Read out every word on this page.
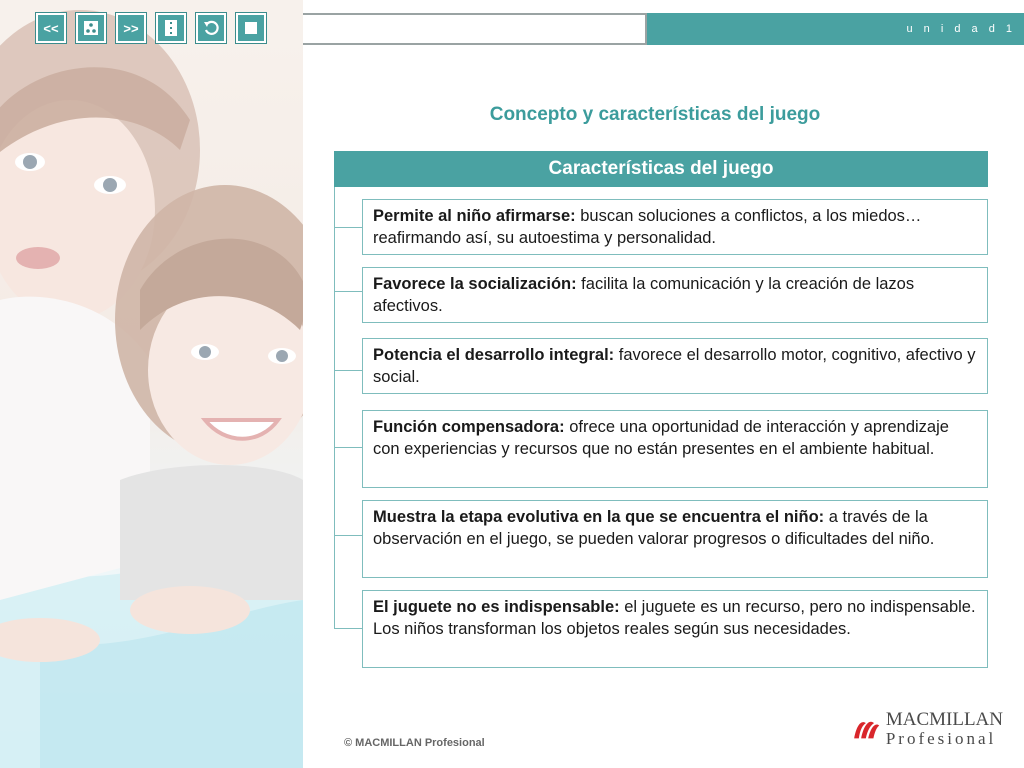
<<	>>	u n i d a d 1
Concepto y características del juego
Características del juego
Permite al niño afirmarse: buscan soluciones a conflictos, a los miedos… reafirmando así, su autoestima y personalidad.
Favorece la socialización: facilita la comunicación y la creación de lazos afectivos.
Potencia el desarrollo integral: favorece el desarrollo motor, cognitivo, afectivo y social.
Función compensadora: ofrece una oportunidad de interacción y aprendizaje con experiencias y recursos que no están presentes en el ambiente habitual.
Muestra la etapa evolutiva en la que se encuentra el niño: a través de la observación en el juego, se pueden valorar progresos o dificultades del niño.
El juguete no es indispensable: el juguete es un recurso, pero no indispensable. Los niños transforman los objetos reales según sus necesidades.
© MACMILLAN Profesional
MACMILLAN
Profesional
